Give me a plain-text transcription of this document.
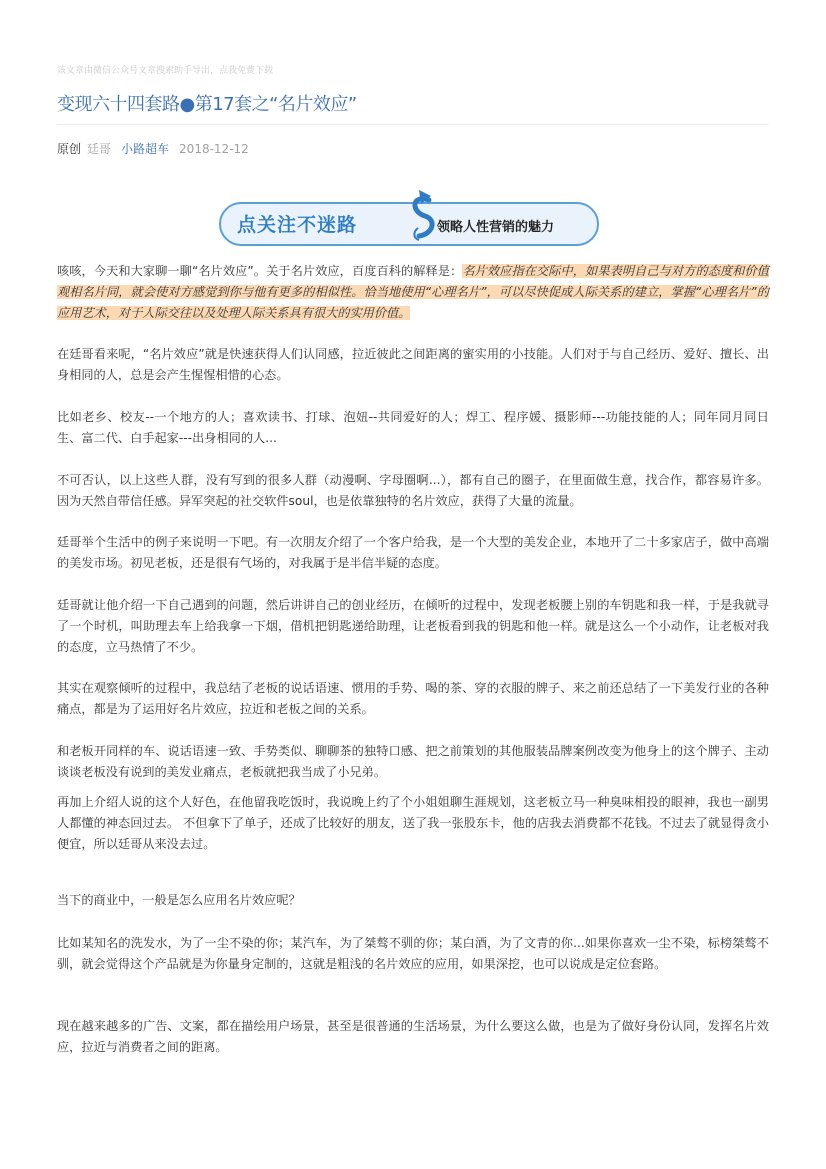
该文章由微信公众号文章搜索助手导出，点我免费下载
变现六十四套路●第17套之“名片效应”
原创 廷哥 小路超车 2018-12-12
点关注不迷路	领略人性营销的魅力

咳咳，今天和大家聊一聊“名片效应”。关于名片效应，百度百科的解释是：名片效应指在交际中，如果表明自己与对方的态度和价值观相名片同，就会使对方感觉到你与他有更多的相似性。恰当地使用“心理名片”，可以尽快促成人际关系的建立，掌握“心理名片”的应用艺术，对于人际交往以及处理人际关系具有很大的实用价值。

在廷哥看来呢，“名片效应”就是快速获得人们认同感，拉近彼此之间距离的蜜实用的小技能。人们对于与自己经历、爱好、擅长、出身相同的人，总是会产生惺惺相惜的心态。

比如老乡、校友--一个地方的人；喜欢读书、打球、泡妞--共同爱好的人；焊工、程序媛、摄影师---功能技能的人；同年同月同日生、富二代、白手起家---出身相同的人...

不可否认，以上这些人群，没有写到的很多人群（动漫啊、字母圈啊...），都有自己的圈子，在里面做生意，找合作，都容易许多。因为天然自带信任感。异军突起的社交软件soul，也是依靠独特的名片效应，获得了大量的流量。

廷哥举个生活中的例子来说明一下吧。有一次朋友介绍了一个客户给我，是一个大型的美发企业，本地开了二十多家店子，做中高端的美发市场。初见老板，还是很有气场的，对我属于是半信半疑的态度。

廷哥就让他介绍一下自己遇到的问题，然后讲讲自己的创业经历，在倾听的过程中，发现老板腰上别的车钥匙和我一样，于是我就寻了一个时机，叫助理去车上给我拿一下烟，借机把钥匙递给助理，让老板看到我的钥匙和他一样。就是这么一个小动作，让老板对我的态度，立马热情了不少。

其实在观察倾听的过程中，我总结了老板的说话语速、惯用的手势、喝的茶、穿的衣服的牌子、来之前还总结了一下美发行业的各种痛点，都是为了运用好名片效应，拉近和老板之间的关系。

和老板开同样的车、说话语速一致、手势类似、聊聊茶的独特口感、把之前策划的其他服装品牌案例改变为他身上的这个牌子、主动谈谈老板没有说到的美发业痛点，老板就把我当成了小兄弟。

再加上介绍人说的这个人好色，在他留我吃饭时，我说晚上约了个小姐姐聊生涯规划，这老板立马一种臭味相投的眼神，我也一副男人都懂的神态回过去。 不但拿下了单子，还成了比较好的朋友，送了我一张股东卡，他的店我去消费都不花钱。不过去了就显得贪小便宜，所以廷哥从来没去过。

当下的商业中，一般是怎么应用名片效应呢？

比如某知名的洗发水，为了一尘不染的你；某汽车，为了桀骜不驯的你；某白酒，为了文青的你...如果你喜欢一尘不染，标榜桀骜不驯，就会觉得这个产品就是为你量身定制的，这就是粗浅的名片效应的应用，如果深挖，也可以说成是定位套路。

现在越来越多的广告、文案，都在描绘用户场景，甚至是很普通的生活场景，为什么要这么做，也是为了做好身份认同，发挥名片效应，拉近与消费者之间的距离。
